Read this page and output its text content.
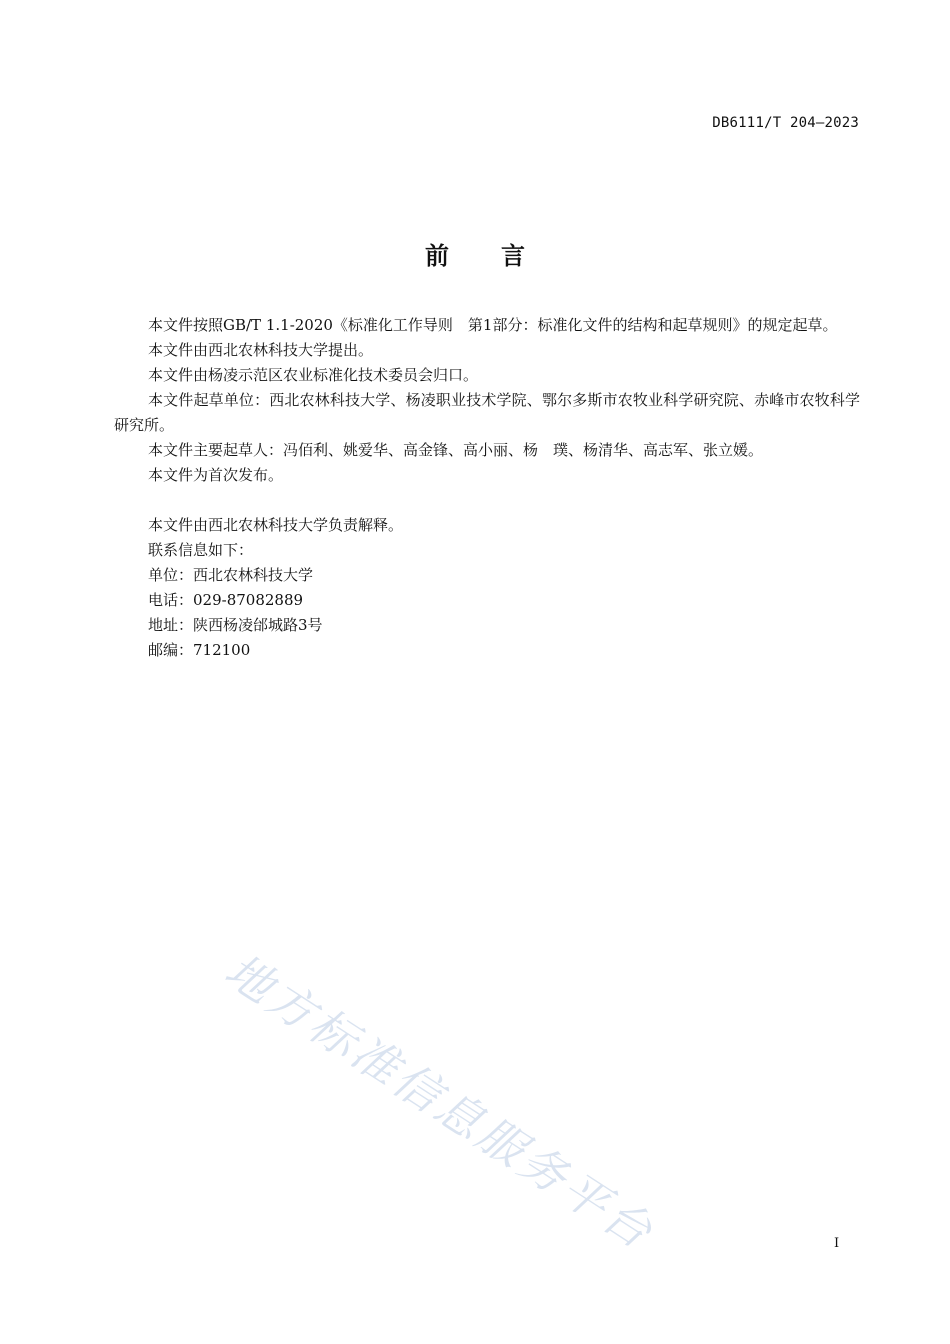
DB6111/T 204—2023
前 言

本文件按照GB/T 1.1-2020《标准化工作导则　第1部分：标准化文件的结构和起草规则》的规定起草。

本文件由西北农林科技大学提出。

本文件由杨凌示范区农业标准化技术委员会归口。

本文件起草单位：西北农林科技大学、杨凌职业技术学院、鄂尔多斯市农牧业科学研究院、赤峰市农牧科学研究所。

本文件主要起草人：冯佰利、姚爱华、高金锋、高小丽、杨　璞、杨清华、高志军、张立媛。

本文件为首次发布。

本文件由西北农林科技大学负责解释。

联系信息如下：

单位：西北农林科技大学

电话：029-87082889

地址：陕西杨凌邰城路3号

邮编：712100

地方标准信息服务平台	I
